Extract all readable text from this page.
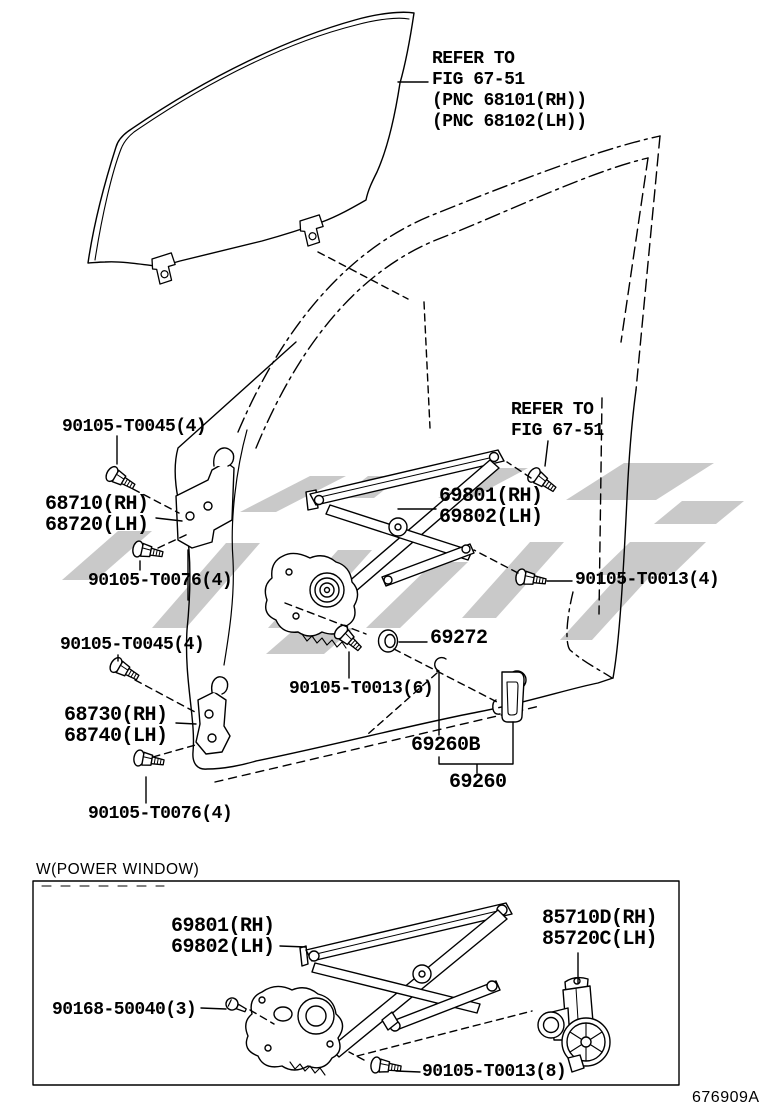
REFER TO
FIG 67-51
(PNC 68101(RH))
(PNC 68102(LH))
90105-T0045(4)
68710(RH)
68720(LH)
90105-T0076(4)
REFER TO
FIG 67-51
69801(RH)
69802(LH)
90105-T0013(4)
69272
90105-T0013(6)
90105-T0045(4)
68730(RH)
68740(LH)
90105-T0076(4)
69260B
69260
W(POWER WINDOW)
69801(RH)
69802(LH)
85710D(RH)
85720C(LH)
90168-50040(3)
90105-T0013(8)
676909A
